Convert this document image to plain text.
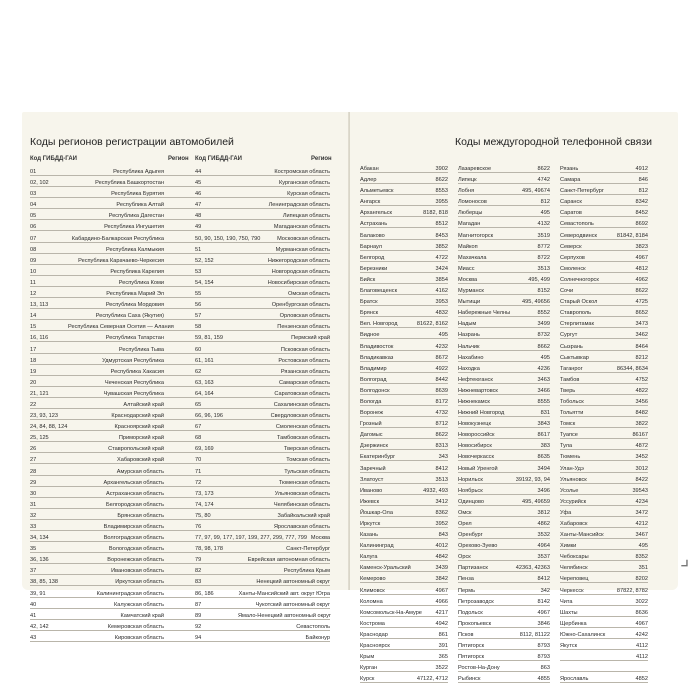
Коды регионов регистрации автомобилей
Код ГИБДД-ГАИ	Регион Код ГИБДД-ГАИ	Регион
01	Республика Адыгея	44	Костромская область
02, 102	Республика Башкортостан	45	Курганская область
03	Республика Бурятия	46	Курская область
04	Республика Алтай	47	Ленинградская область
05	Республика Дагестан	48	Липецкая область
06	Республика Ингушетия	49	Магаданская область
07	Кабардино-Балкарская Республика	50, 90, 150, 190, 750, 790	Московская область
08	Республика Калмыкия	51	Мурманская область
09	Республика Карачаево-Черкесия	52, 152	Нижегородская область
10	Республика Карелия	53	Новгородская область
11	Республика Коми	54, 154	Новосибирская область
12	Республика Марий Эл	55	Омская область
13, 113	Республика Мордовия	56	Оренбургская область
14	Республика Саха (Якутия)	57	Орловская область
15	Республика Северная Осетия — Алания	58	Пензенская область
16, 116	Республика Татарстан	59, 81, 159	Пермский край
17	Республика Тыва	60	Псковская область
18	Удмуртская Республика	61, 161	Ростовская область
19	Республика Хакасия	62	Рязанская область
20	Чеченская Республика	63, 163	Самарская область
21, 121	Чувашская Республика	64, 164	Саратовская область
22	Алтайский край	65	Сахалинская область
23, 93, 123	Краснодарский край	66, 96, 196	Свердловская область
24, 84, 88, 124	Красноярский край	67	Смоленская область
25, 125	Приморский край	68	Тамбовская область
26	Ставропольский край	69, 169	Тверская область
27	Хабаровский край	70	Томская область
28	Амурская область	71	Тульская область
29	Архангельская область	72	Тюменская область
30	Астраханская область	73, 173	Ульяновская область
31	Белгородская область	74, 174	Челябинская область
32	Брянская область	75, 80	Забайкальский край
33	Владимирская область	76	Ярославская область
34, 134	Волгоградская область	77, 97, 99, 177, 197, 199, 277, 299, 777, 799 Москва
35	Вологодская область	78, 98, 178	Санкт-Петербург
36, 136	Воронежская область	79	Еврейская автономная область
37	Ивановская область	82	Республика Крым
38, 85, 138	Иркутская область	83	Ненецкий автономный округ
39, 91	Калининградская область	86, 186	Ханты-Мансийский авт. округ Югра
40	Калужская область	87	Чукотский автономный округ
41	Камчатский край	89	Ямало-Ненецкий автономный округ
42, 142	Кемеровская область	92	Севастополь
43	Кировская область	94	Байконур
Коды междугородной телефонной связи
Абакан	3902 Лазаревское	8622 Рязань	4912
Адлер	8622 Липецк	4742 Самара	846
Альметьевск	8553 Лобня	495, 49674 Санкт-Петербург	812
Ангарск	3955 Ломоносов	812 Саранск	8342
Архангельск	8182, 818 Люберцы	495 Саратов	8452
Астрахань	8512 Магадан	4132 Севастополь	8692
Балаково	8453 Магнитогорск	3519 Северодвинск	81842, 8184
Барнаул	3852 Майкоп	8772 Северск	3823
Белгород	4722 Махачкала	8722 Серпухов	4967
Березники	3424 Миасс	3513 Смоленск	4812
Бийск	3854 Москва	495, 499 Солнечногорск	4962
Благовещенск	4162 Мурманск	8152 Сочи	8622
Братск	3953 Мытищи	495, 49656 Старый Оскол	4725
Брянск	4832 Набережные Челны	8552 Ставрополь	8652
Вел. Новгород	81622, 8162 Надым	3499 Стерлитамак	3473
Видное	495 Назрань	8732 Сургут	3462
Владивосток	4232 Нальчик	8662 Сызрань	8464
Владикавказ	8672 Нахабино	495 Сыктывкар	8212
Владимир	4922 Находка	4236 Таганрог	86344, 8634
Волгоград	8442 Нефтеюганск	3463 Тамбов	4752
Волгодонск	8639 Нижневартовск	3466 Тверь	4822
Вологда	8172 Нижнекамск	8555 Тобольск	3456
Воронеж	4732 Нижний Новгород	831 Тольятти	8482
Грозный	8712 Новокузнецк	3843 Томск	3822
Дагомыс	8622 Новороссийск	8617 Туапсе	86167
Дзержинск	8313 Новосибирск	383 Тула	4872
Екатеринбург	343 Новочеркасск	8635 Тюмень	3452
Заречный	8412 Новый Уренгой	3494 Улан-Удэ	3012
Златоуст	3513 Норильск	39192, 93, 94 Ульяновск	8422
Иваново	4932, 493 Ноябрьск	3496 Усолье	39543
Ижевск	3412 Одинцово	495, 49659 Уссурийск	4234
Йошкар-Ола	8362 Омск	3812 Уфа	3472
Иркутск	3952 Орел	4862 Хабаровск	4212
Казань	843 Оренбург	3532 Ханты-Мансийск	3467
Калининград	4012 Орехово-Зуево	4964 Химки	495
Калуга	4842 Орск	3537 Чебоксары	8352
Каменск-Уральский	3439 Партизанск	42363, 42363 Челябинск	351
Кемерово	3842 Пенза	8412 Череповец	8202
Климовск	4967 Пермь	342 Черкесск	87822, 8782
Коломна	4966 Петрозаводск	8142 Чита	3022
Комсомольск-На-Амуре 4217 Подольск	4967 Шахты	8636
Кострома	4942 Прокопьевск	3846 Щербинка	4967
Краснодар	861 Псков	8112, 81122 Южно-Сахалинск	4242
Красноярск	391 Пятигорск	8793 Якутск	4112
Крым	365 Пятигорск	8793	4112
Курган	3522 Ростов-На-Дону	863
Курск	47122, 4712 Рыбинск	4855 Ярославль	4852
⌟
